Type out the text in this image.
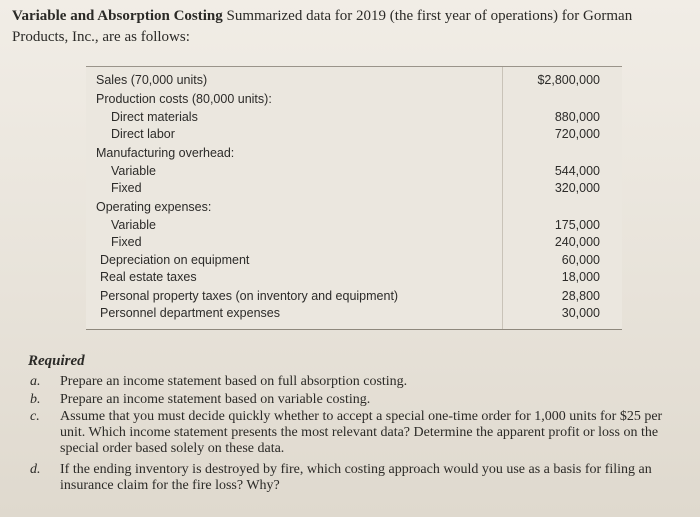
Variable and Absorption Costing Summarized data for 2019 (the first year of operations) for Gorman Products, Inc., are as follows:
Sales (70,000 units)	$2,800,000
Production costs (80,000 units):
Direct materials	880,000
Direct labor	720,000
Manufacturing overhead:
Variable	544,000
Fixed	320,000
Operating expenses:
Variable	175,000
Fixed	240,000
Depreciation on equipment	60,000
Real estate taxes	18,000
Personal property taxes (on inventory and equipment)	28,800
Personnel department expenses	30,000
Required
a. Prepare an income statement based on full absorption costing.
b. Prepare an income statement based on variable costing.
c. Assume that you must decide quickly whether to accept a special one-time order for 1,000 units for $25 per unit. Which income statement presents the most relevant data? Determine the apparent profit or loss on the special order based solely on these data.
d. If the ending inventory is destroyed by fire, which costing approach would you use as a basis for filing an insurance claim for the fire loss? Why?
